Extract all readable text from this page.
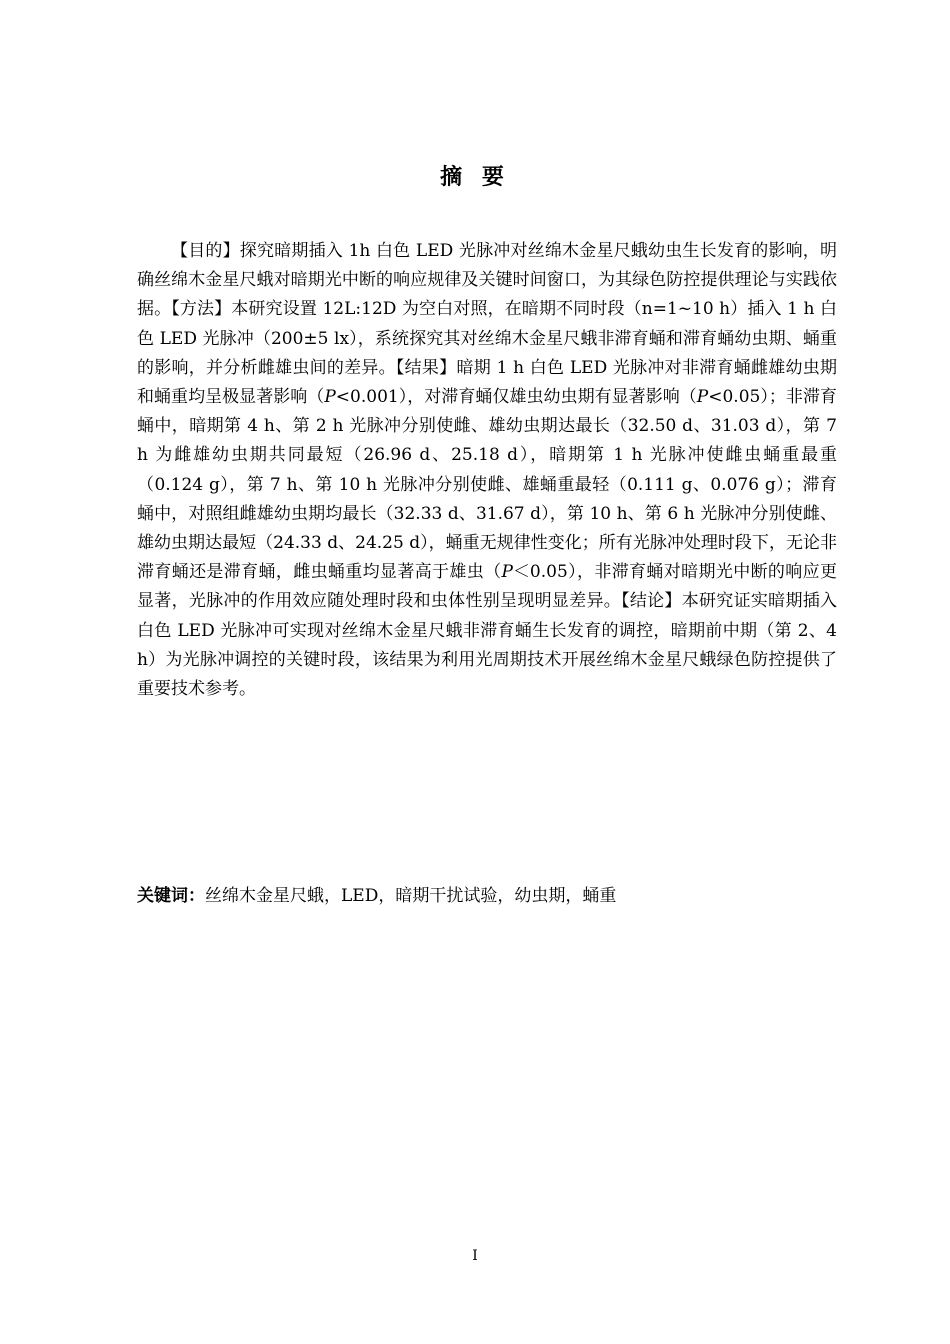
摘 要

【目的】探究暗期插入 1h 白色 LED 光脉冲对丝绵木金星尺蛾幼虫生长发育的影响，明确丝绵木金星尺蛾对暗期光中断的响应规律及关键时间窗口，为其绿色防控提供理论与实践依据。【方法】本研究设置 12L:12D 为空白对照，在暗期不同时段（n=1~10 h）插入 1 h 白色 LED 光脉冲（200±5 lx），系统探究其对丝绵木金星尺蛾非滞育蛹和滞育蛹幼虫期、蛹重的影响，并分析雌雄虫间的差异。【结果】暗期 1 h 白色 LED 光脉冲对非滞育蛹雌雄幼虫期和蛹重均呈极显著影响（P<0.001），对滞育蛹仅雄虫幼虫期有显著影响（P<0.05）；非滞育蛹中，暗期第 4 h、第 2 h 光脉冲分别使雌、雄幼虫期达最长（32.50 d、31.03 d），第 7 h 为雌雄幼虫期共同最短（26.96 d、25.18 d），暗期第 1 h 光脉冲使雌虫蛹重最重（0.124 g），第 7 h、第 10 h 光脉冲分别使雌、雄蛹重最轻（0.111 g、0.076 g）；滞育蛹中，对照组雌雄幼虫期均最长（32.33 d、31.67 d），第 10 h、第 6 h 光脉冲分别使雌、雄幼虫期达最短（24.33 d、24.25 d），蛹重无规律性变化；所有光脉冲处理时段下，无论非滞育蛹还是滞育蛹，雌虫蛹重均显著高于雄虫（P＜0.05），非滞育蛹对暗期光中断的响应更显著，光脉冲的作用效应随处理时段和虫体性别呈现明显差异。【结论】本研究证实暗期插入白色 LED 光脉冲可实现对丝绵木金星尺蛾非滞育蛹生长发育的调控，暗期前中期（第 2、4 h）为光脉冲调控的关键时段，该结果为利用光周期技术开展丝绵木金星尺蛾绿色防控提供了重要技术参考。

关键词：丝绵木金星尺蛾，LED，暗期干扰试验，幼虫期，蛹重

I
